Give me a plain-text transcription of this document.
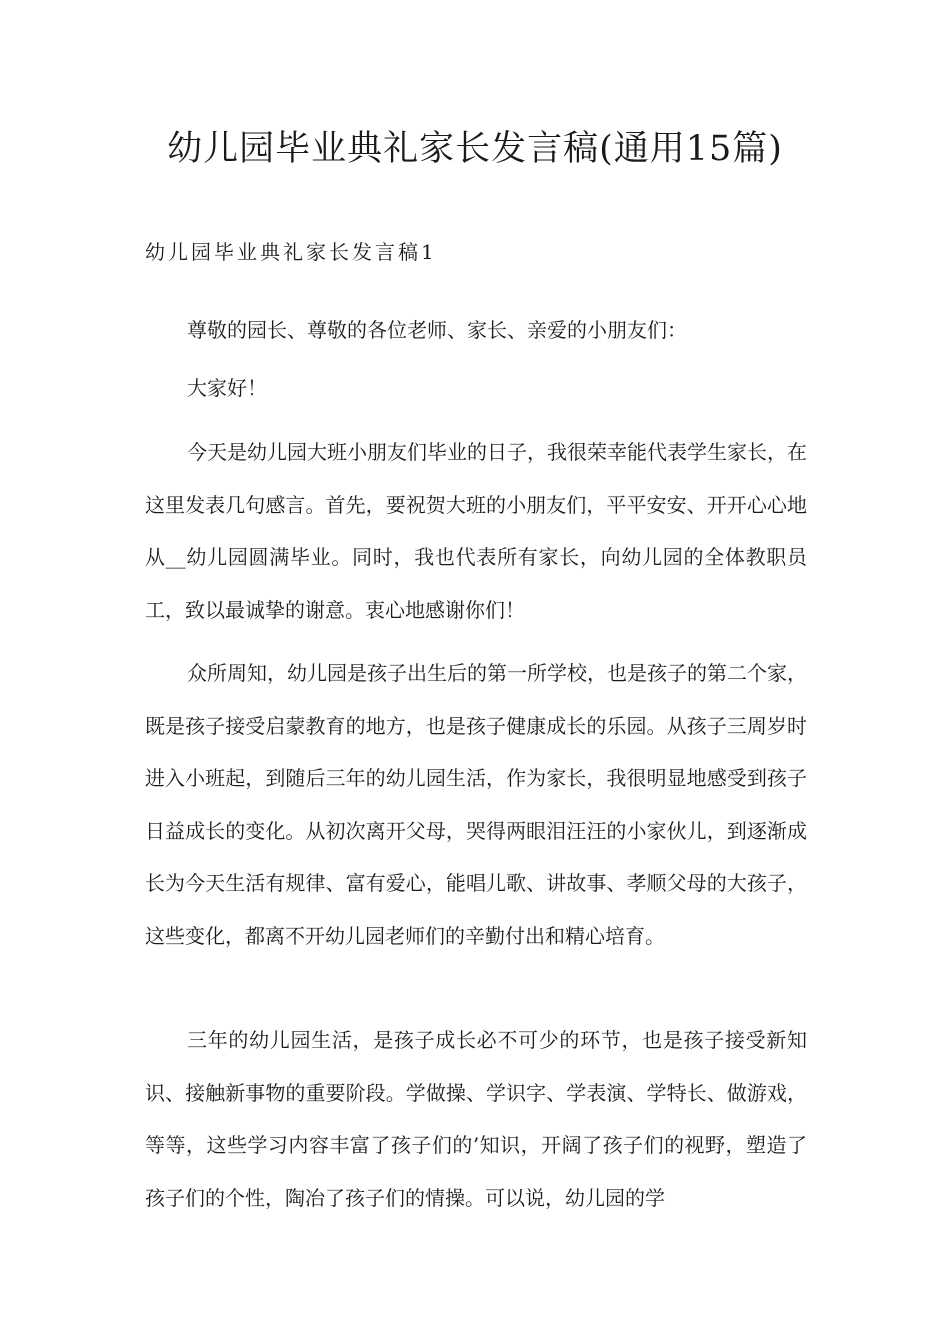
幼儿园毕业典礼家长发言稿(通用15篇)
幼儿园毕业典礼家长发言稿1

尊敬的园长、尊敬的各位老师、家长、亲爱的小朋友们：

大家好！

今天是幼儿园大班小朋友们毕业的日子，我很荣幸能代表学生家长，在这里发表几句感言。首先，要祝贺大班的小朋友们，平平安安、开开心心地从__幼儿园圆满毕业。同时，我也代表所有家长，向幼儿园的全体教职员工，致以最诚挚的谢意。衷心地感谢你们！

众所周知，幼儿园是孩子出生后的第一所学校，也是孩子的第二个家，既是孩子接受启蒙教育的地方，也是孩子健康成长的乐园。从孩子三周岁时进入小班起，到随后三年的幼儿园生活，作为家长，我很明显地感受到孩子日益成长的变化。从初次离开父母，哭得两眼泪汪汪的小家伙儿，到逐渐成长为今天生活有规律、富有爱心，能唱儿歌、讲故事、孝顺父母的大孩子，这些变化，都离不开幼儿园老师们的辛勤付出和精心培育。

三年的幼儿园生活，是孩子成长必不可少的环节，也是孩子接受新知识、接触新事物的重要阶段。学做操、学识字、学表演、学特长、做游戏，等等，这些学习内容丰富了孩子们的’知识，开阔了孩子们的视野，塑造了孩子们的个性，陶冶了孩子们的情操。可以说，幼儿园的学
